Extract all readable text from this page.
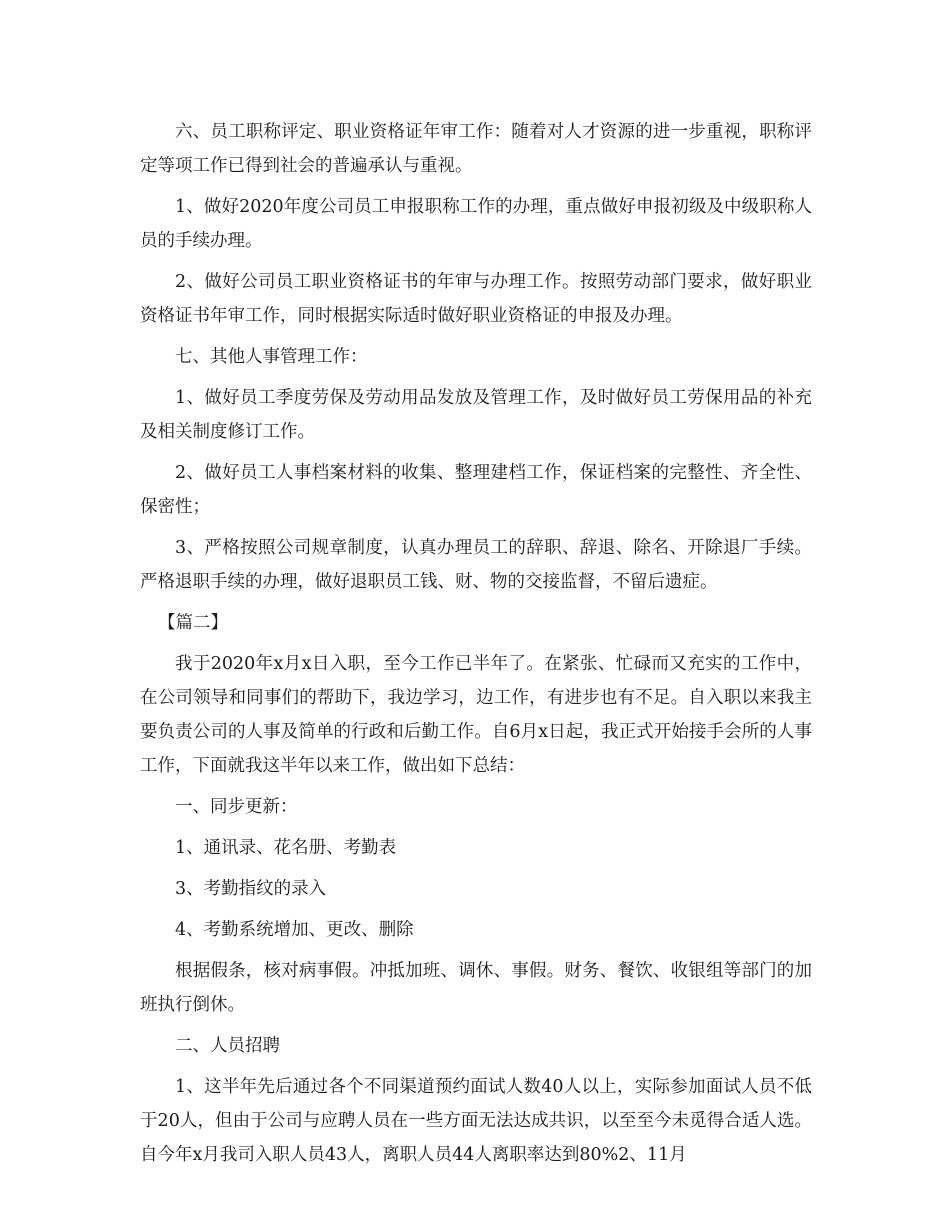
六、员工职称评定、职业资格证年审工作：随着对人才资源的进一步重视，职称评定等项工作已得到社会的普遍承认与重视。

1、做好2020年度公司员工申报职称工作的办理，重点做好申报初级及中级职称人员的手续办理。

2、做好公司员工职业资格证书的年审与办理工作。按照劳动部门要求，做好职业资格证书年审工作，同时根据实际适时做好职业资格证的申报及办理。

七、其他人事管理工作：

1、做好员工季度劳保及劳动用品发放及管理工作，及时做好员工劳保用品的补充及相关制度修订工作。

2、做好员工人事档案材料的收集、整理建档工作，保证档案的完整性、齐全性、保密性；

3、严格按照公司规章制度，认真办理员工的辞职、辞退、除名、开除退厂手续。严格退职手续的办理，做好退职员工钱、财、物的交接监督，不留后遗症。

【篇二】

我于2020年x月x日入职，至今工作已半年了。在紧张、忙碌而又充实的工作中，在公司领导和同事们的帮助下，我边学习，边工作，有进步也有不足。自入职以来我主要负责公司的人事及简单的行政和后勤工作。自6月x日起，我正式开始接手会所的人事工作，下面就我这半年以来工作，做出如下总结：

一、同步更新：

1、通讯录、花名册、考勤表

3、考勤指纹的录入

4、考勤系统增加、更改、删除

根据假条，核对病事假。冲抵加班、调休、事假。财务、餐饮、收银组等部门的加班执行倒休。

二、人员招聘

1、这半年先后通过各个不同渠道预约面试人数40人以上，实际参加面试人员不低于20人，但由于公司与应聘人员在一些方面无法达成共识，以至至今未觅得合适人选。自今年x月我司入职人员43人，离职人员44人离职率达到80%2、11月
